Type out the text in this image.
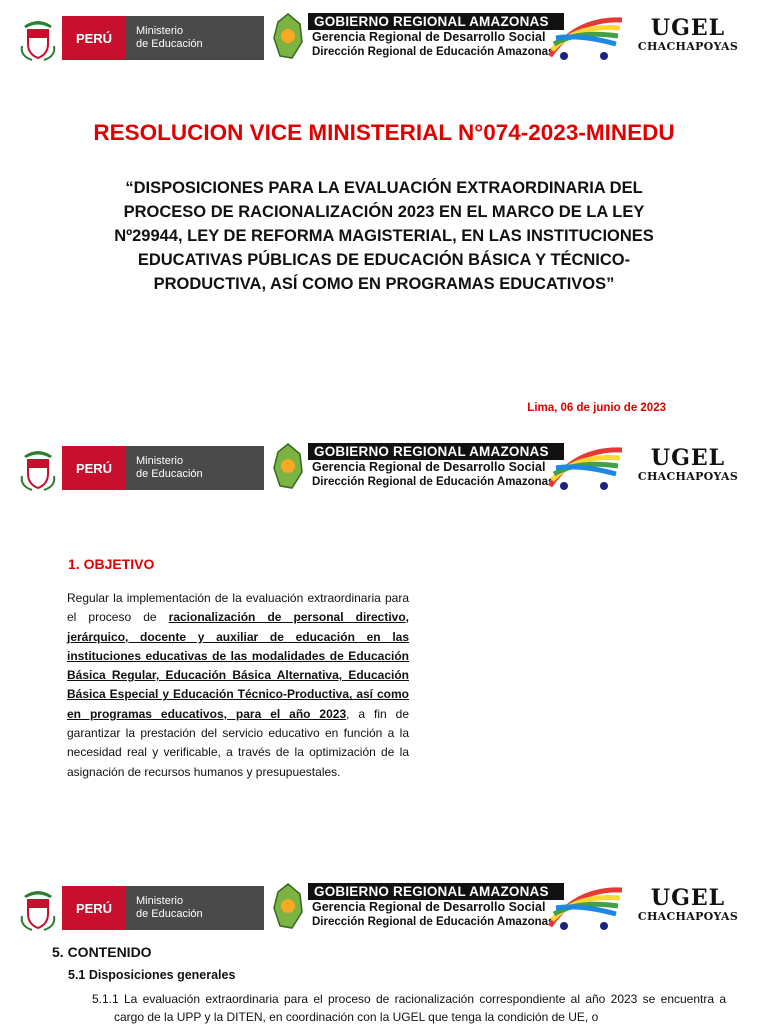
PERÚ	Ministerio
de Educación
GOBIERNO REGIONAL AMAZONAS
Gerencia Regional de Desarrollo Social
Dirección Regional de Educación Amazonas
UGEL
CHACHAPOYAS
RESOLUCION VICE MINISTERIAL N°074-2023-MINEDU
“DISPOSICIONES PARA LA EVALUACIÓN EXTRAORDINARIA DEL PROCESO DE RACIONALIZACIÓN 2023 EN EL MARCO DE LA LEY Nº29944, LEY DE REFORMA MAGISTERIAL, EN LAS INSTITUCIONES EDUCATIVAS PÚBLICAS DE EDUCACIÓN BÁSICA Y TÉCNICO-PRODUCTIVA, ASÍ COMO EN PROGRAMAS EDUCATIVOS”
Lima, 06 de junio de 2023
PERÚ	Ministerio
de Educación
GOBIERNO REGIONAL AMAZONAS
Gerencia Regional de Desarrollo Social
Dirección Regional de Educación Amazonas
UGEL
CHACHAPOYAS
1. OBJETIVO
Regular la implementación de la evaluación extraordinaria para el proceso de racionalización de personal directivo, jerárquico, docente y auxiliar de educación en las instituciones educativas de las modalidades de Educación Básica Regular, Educación Básica Alternativa, Educación Básica Especial y Educación Técnico-Productiva, así como en programas educativos, para el año 2023, a fin de garantizar la prestación del servicio educativo en función a la necesidad real y verificable, a través de la optimización de la asignación de recursos humanos y presupuestales.
PERÚ	Ministerio
de Educación
GOBIERNO REGIONAL AMAZONAS
Gerencia Regional de Desarrollo Social
Dirección Regional de Educación Amazonas
UGEL
CHACHAPOYAS
5. CONTENIDO
5.1 Disposiciones generales
5.1.1 La evaluación extraordinaria para el proceso de racionalización correspondiente al año 2023 se encuentra a cargo de la UPP y la DITEN, en coordinación con la UGEL que tenga la condición de UE, o
